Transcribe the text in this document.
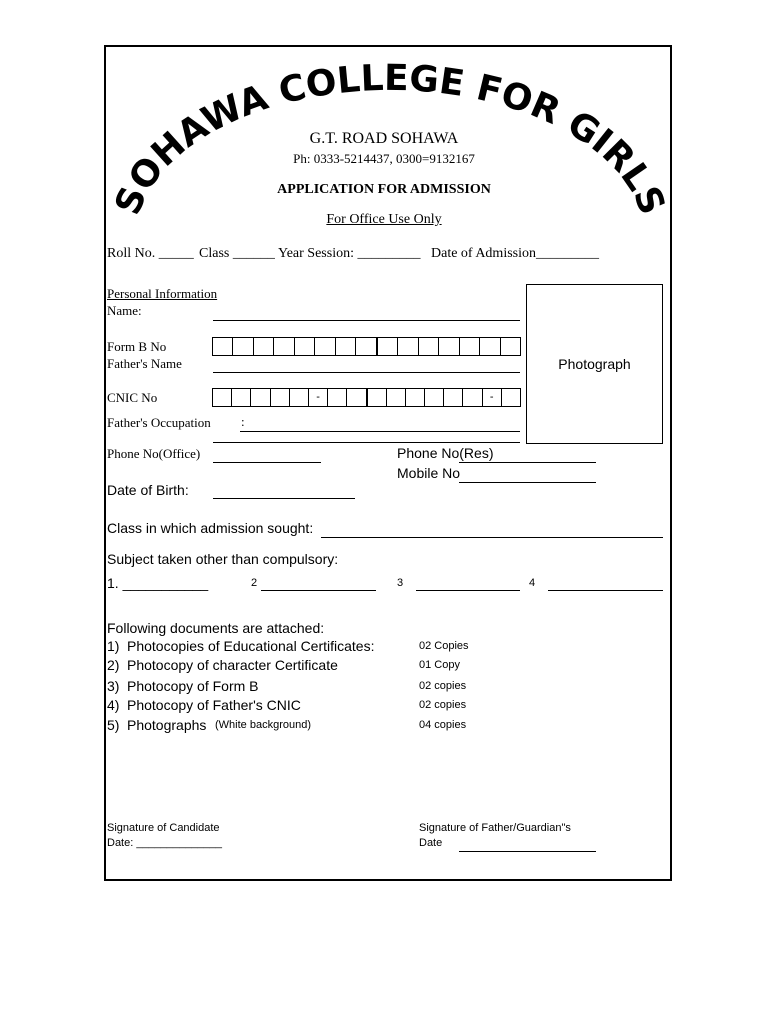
SOHAWA COLLEGE FOR GIRLS
G.T. ROAD SOHAWA
Ph: 0333-5214437, 0300=9132167
APPLICATION FOR ADMISSION
For Office Use Only
Roll No. _____ Class ______ Year Session: _________ Date of Admission_________
Personal Information
Name:
Form B No
Father's Name
CNIC No	-	-
Father's Occupation :
Photograph
Phone No(Office)	Phone No(Res)
Mobile No
Date of Birth:
Class in which admission sought:
Subject taken other than compulsory:
1. ___________	2	3	4
Following documents are attached:
1) Photocopies of Educational Certificates:	02 Copies
2) Photocopy of character Certificate	01 Copy
3) Photocopy of Form B	02 copies
4) Photocopy of Father's CNIC	02 copies
5) Photographs (White background)	04 copies
Signature of Candidate
Date: ______________
Signature of Father/Guardian"s
Date
